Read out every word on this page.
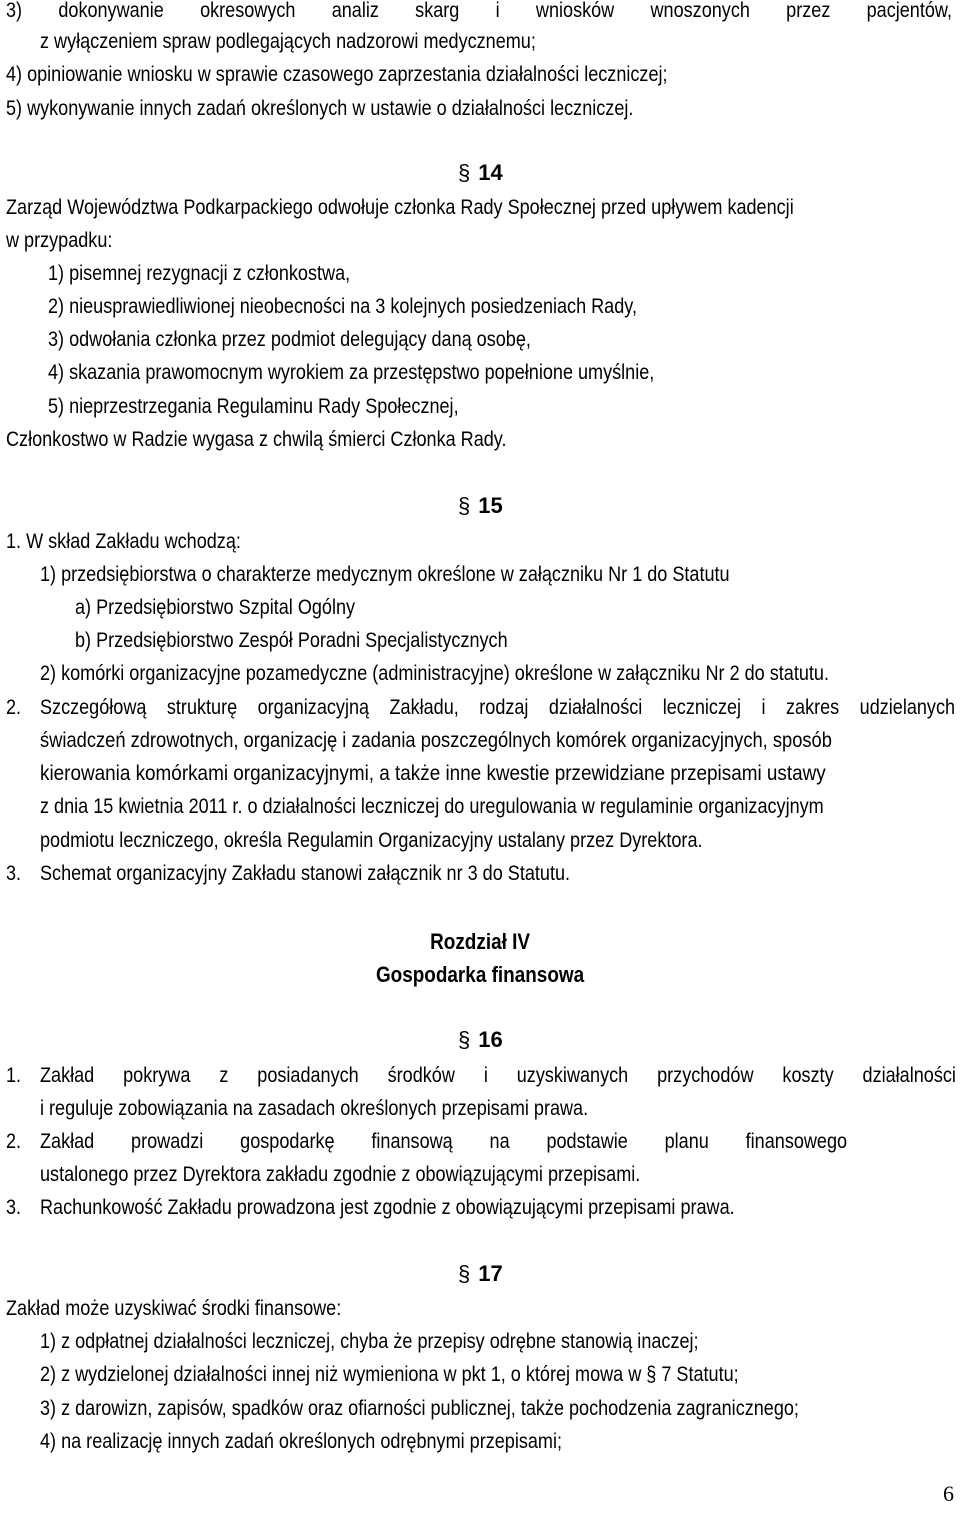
3) dokonywanie okresowych analiz skarg i wniosków wnoszonych przez pacjentów,
z wyłączeniem spraw podlegających nadzorowi medycznemu;
4) opiniowanie wniosku w sprawie czasowego zaprzestania działalności leczniczej;
5) wykonywanie innych zadań określonych w ustawie o działalności leczniczej.
§ 14
Zarząd Województwa Podkarpackiego odwołuje członka Rady Społecznej przed upływem kadencji
w przypadku:
1) pisemnej rezygnacji z członkostwa,
2) nieusprawiedliwionej nieobecności na 3 kolejnych posiedzeniach Rady,
3) odwołania członka przez podmiot delegujący daną osobę,
4) skazania prawomocnym wyrokiem za przestępstwo popełnione umyślnie,
5) nieprzestrzegania Regulaminu Rady Społecznej,
Członkostwo w Radzie wygasa z chwilą śmierci Członka Rady.
§ 15
1. W skład Zakładu wchodzą:
1) przedsiębiorstwa o charakterze medycznym określone w załączniku Nr 1 do Statutu
a) Przedsiębiorstwo Szpital Ogólny
b) Przedsiębiorstwo Zespół Poradni Specjalistycznych
2) komórki organizacyjne pozamedyczne (administracyjne) określone w załączniku Nr 2 do statutu.
2. Szczegółową strukturę organizacyjną Zakładu, rodzaj działalności leczniczej i zakres udzielanych
świadczeń zdrowotnych, organizację i zadania poszczególnych komórek organizacyjnych, sposób
kierowania komórkami organizacyjnymi, a także inne kwestie przewidziane przepisami ustawy
z dnia 15 kwietnia 2011 r. o działalności leczniczej do uregulowania w regulaminie organizacyjnym
podmiotu leczniczego, określa Regulamin Organizacyjny ustalany przez Dyrektora.
3. Schemat organizacyjny Zakładu stanowi załącznik nr 3 do Statutu.
Rozdział IV
Gospodarka finansowa
§ 16
1. Zakład pokrywa z posiadanych środków i uzyskiwanych przychodów koszty działalności
i reguluje zobowiązania na zasadach określonych przepisami prawa.
2. Zakład prowadzi gospodarkę finansową na podstawie planu finansowego
ustalonego przez Dyrektora zakładu zgodnie z obowiązującymi przepisami.
3. Rachunkowość Zakładu prowadzona jest zgodnie z obowiązującymi przepisami prawa.
§ 17
Zakład może uzyskiwać środki finansowe:
1) z odpłatnej działalności leczniczej, chyba że przepisy odrębne stanowią inaczej;
2) z wydzielonej działalności innej niż wymieniona w pkt 1, o której mowa w § 7 Statutu;
3) z darowizn, zapisów, spadków oraz ofiarności publicznej, także pochodzenia zagranicznego;
4) na realizację innych zadań określonych odrębnymi przepisami;
6
